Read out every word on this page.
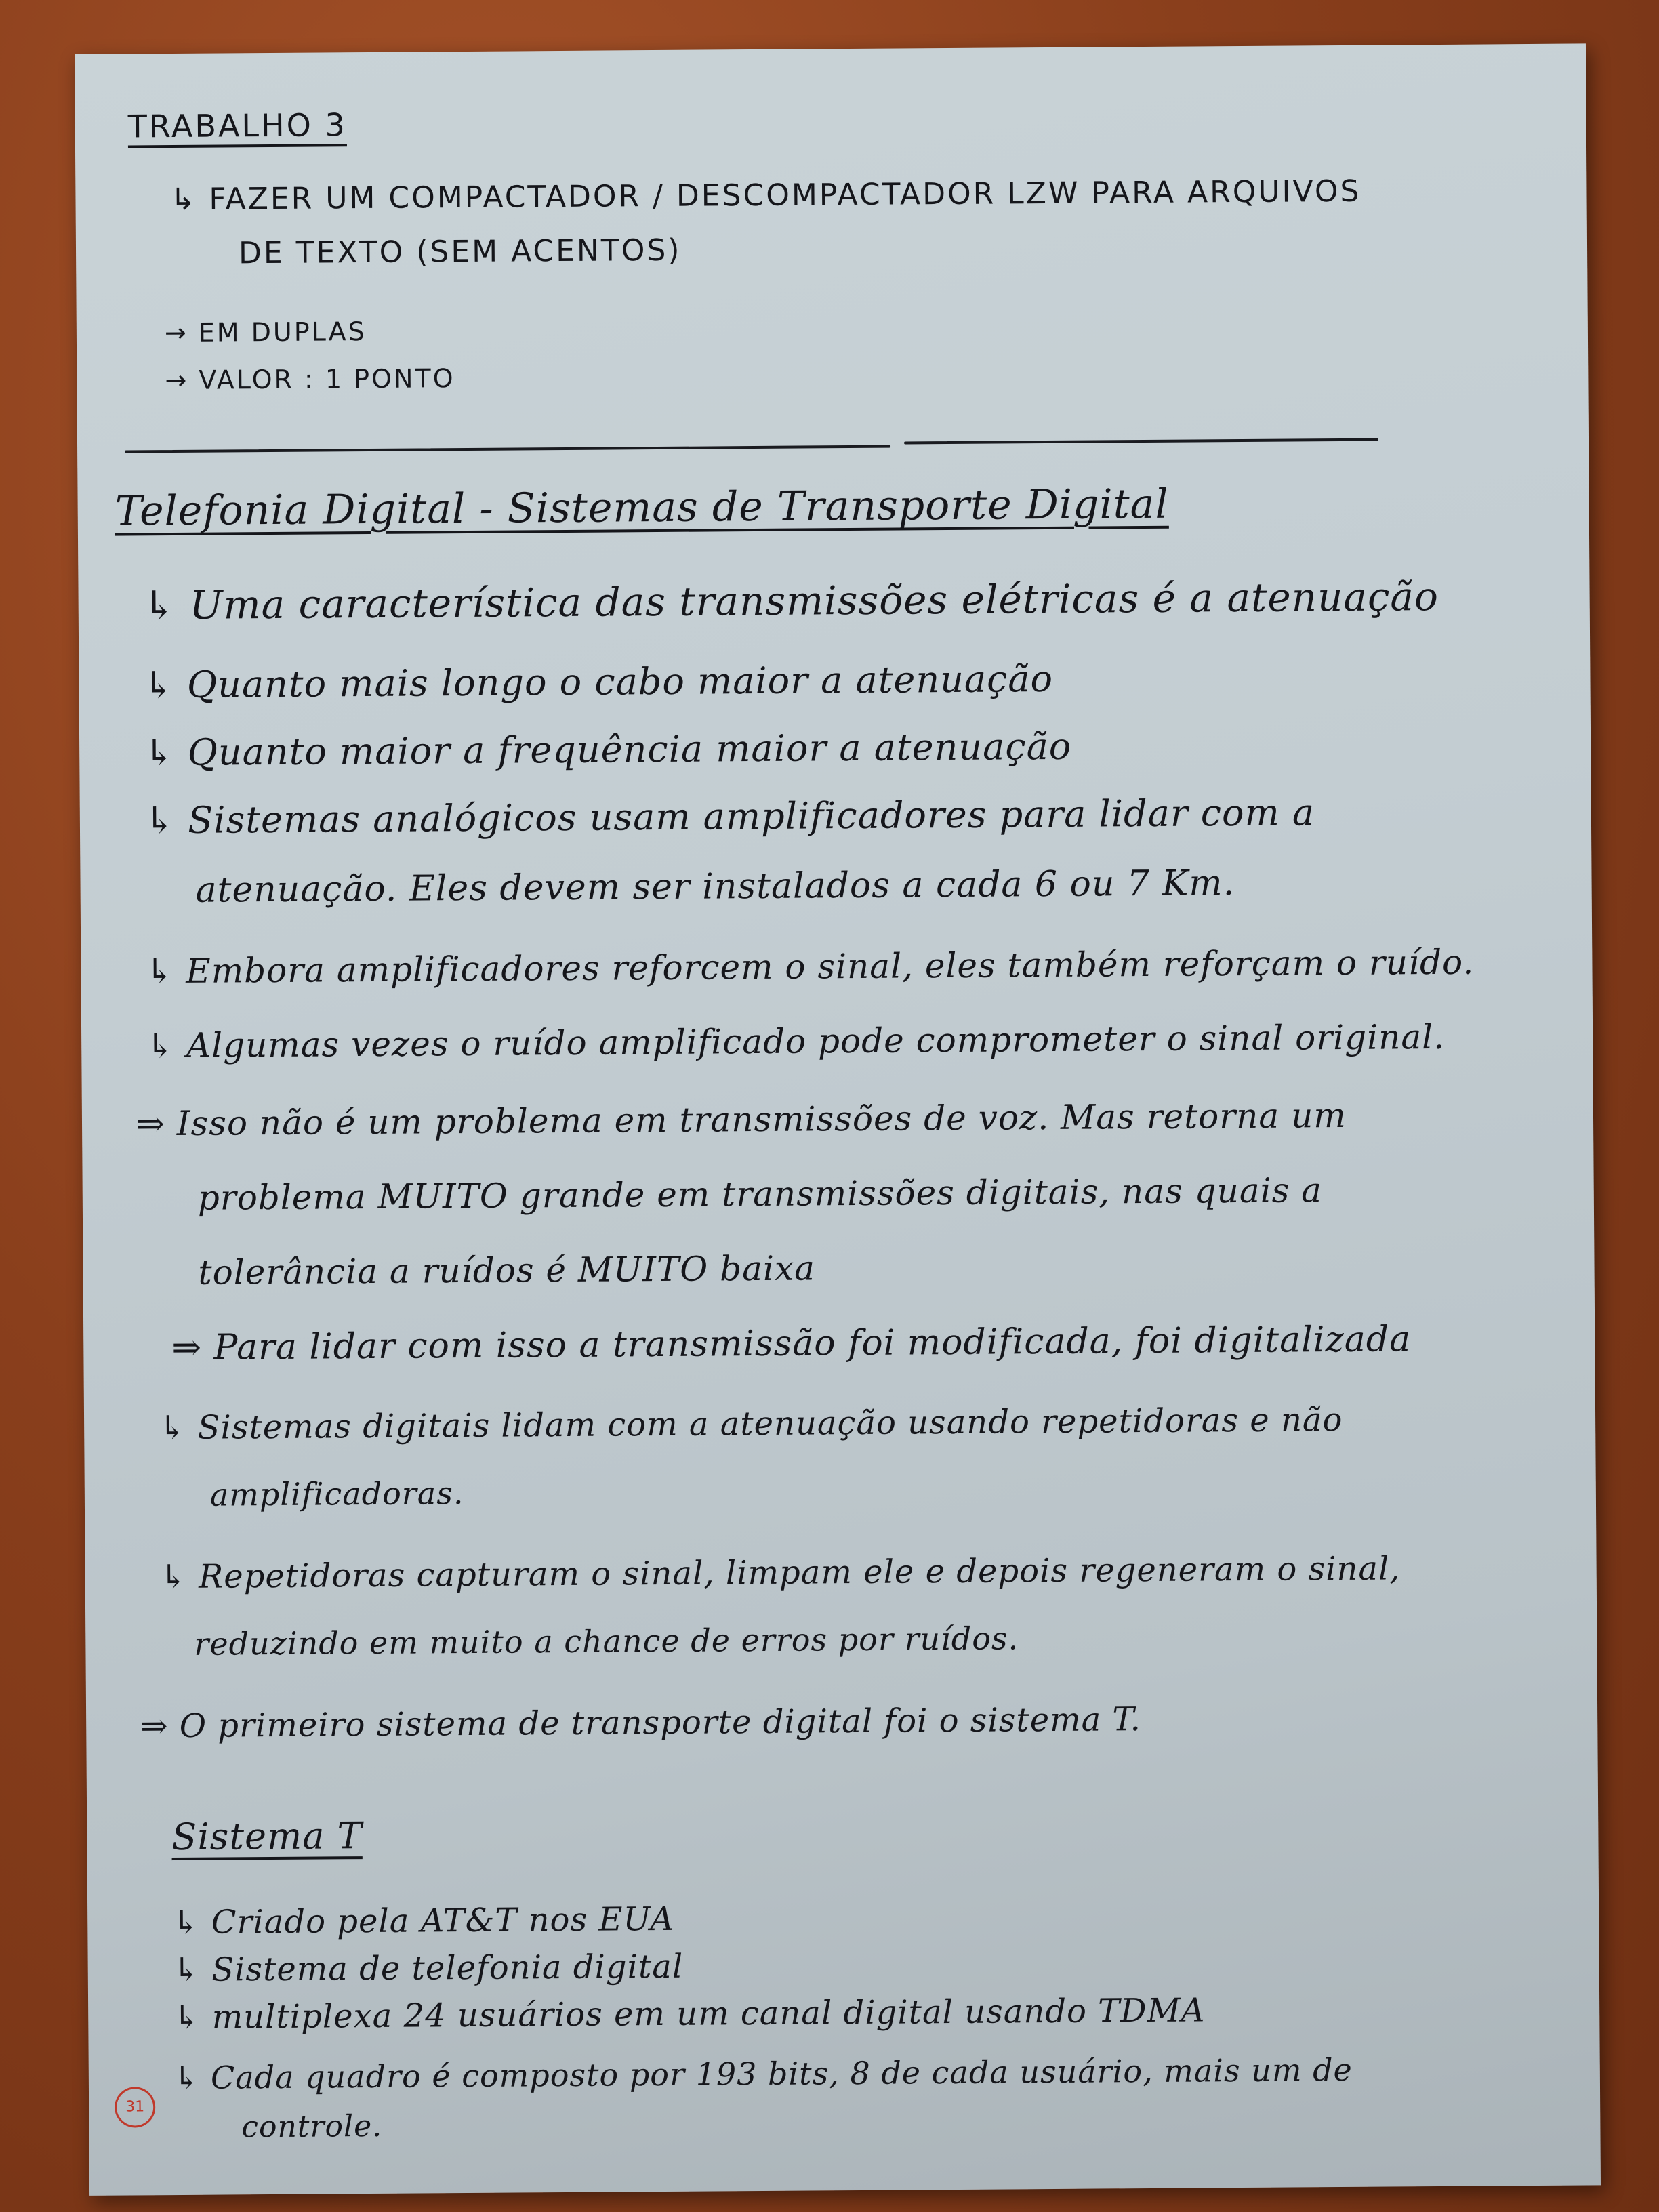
TRABALHO 3
↳ FAZER UM COMPACTADOR / DESCOMPACTADOR LZW PARA ARQUIVOS
DE TEXTO (SEM ACENTOS)
→ EM DUPLAS
→ VALOR : 1 PONTO
Telefonia Digital - Sistemas de Transporte Digital
↳ Uma característica das transmissões elétricas é a atenuação
↳ Quanto mais longo o cabo maior a atenuação
↳ Quanto maior a frequência maior a atenuação
↳ Sistemas analógicos usam amplificadores para lidar com a
atenuação. Eles devem ser instalados a cada 6 ou 7 Km.
↳ Embora amplificadores reforcem o sinal, eles também reforçam o ruído.
↳ Algumas vezes o ruído amplificado pode comprometer o sinal original.
⇒ Isso não é um problema em transmissões de voz. Mas retorna um
problema MUITO grande em transmissões digitais, nas quais a
tolerância a ruídos é MUITO baixa
⇒ Para lidar com isso a transmissão foi modificada, foi digitalizada
↳ Sistemas digitais lidam com a atenuação usando repetidoras e não
amplificadoras.
↳ Repetidoras capturam o sinal, limpam ele e depois regeneram o sinal,
reduzindo em muito a chance de erros por ruídos.
⇒ O primeiro sistema de transporte digital foi o sistema T.
Sistema T
↳ Criado pela AT&T nos EUA
↳ Sistema de telefonia digital
↳ multiplexa 24 usuários em um canal digital usando TDMA
↳ Cada quadro é composto por 193 bits, 8 de cada usuário, mais um de
controle.
31
